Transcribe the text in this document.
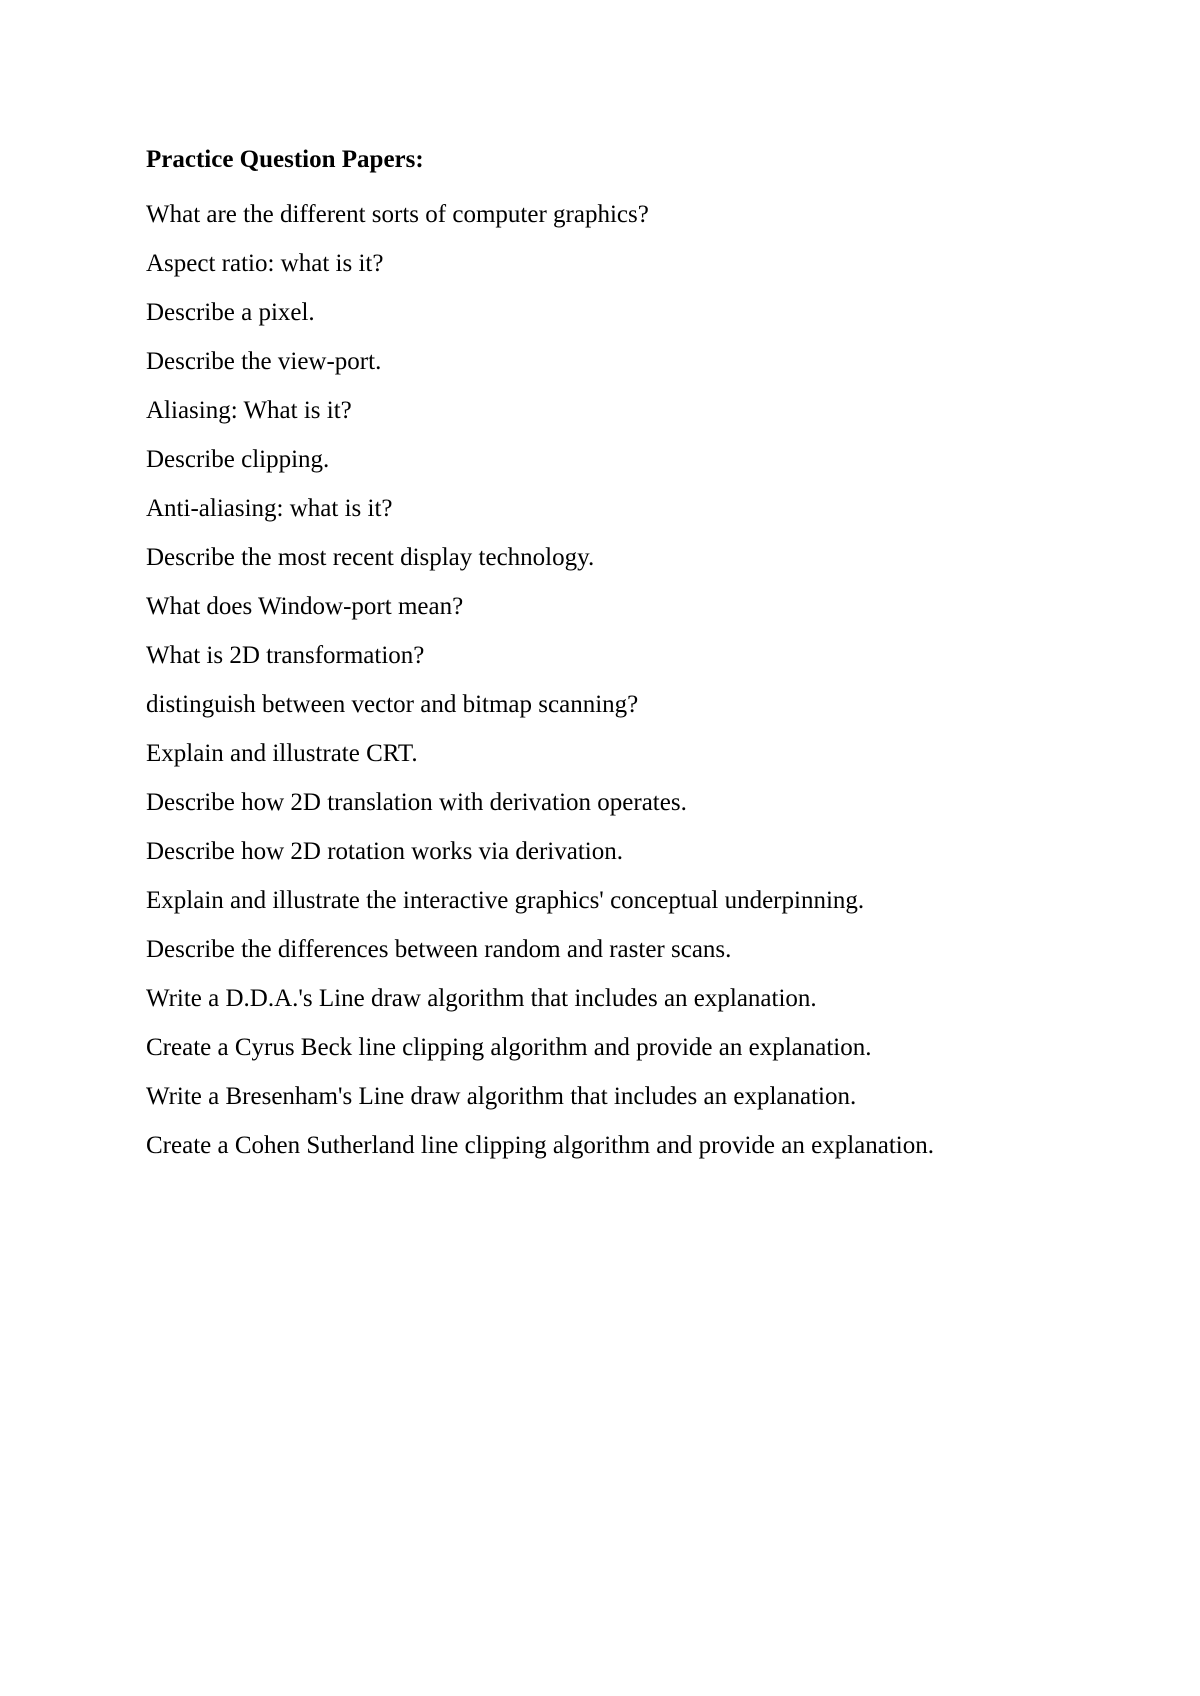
Practice Question Papers:
What are the different sorts of computer graphics?
Aspect ratio: what is it?
Describe a pixel.
Describe the view-port.
Aliasing: What is it?
Describe clipping.
Anti-aliasing: what is it?
Describe the most recent display technology.
What does Window-port mean?
What is 2D transformation?
distinguish between vector and bitmap scanning?
Explain and illustrate CRT.
Describe how 2D translation with derivation operates.
Describe how 2D rotation works via derivation.
Explain and illustrate the interactive graphics' conceptual underpinning.
Describe the differences between random and raster scans.
Write a D.D.A.'s Line draw algorithm that includes an explanation.
Create a Cyrus Beck line clipping algorithm and provide an explanation.
Write a Bresenham's Line draw algorithm that includes an explanation.
Create a Cohen Sutherland line clipping algorithm and provide an explanation.
